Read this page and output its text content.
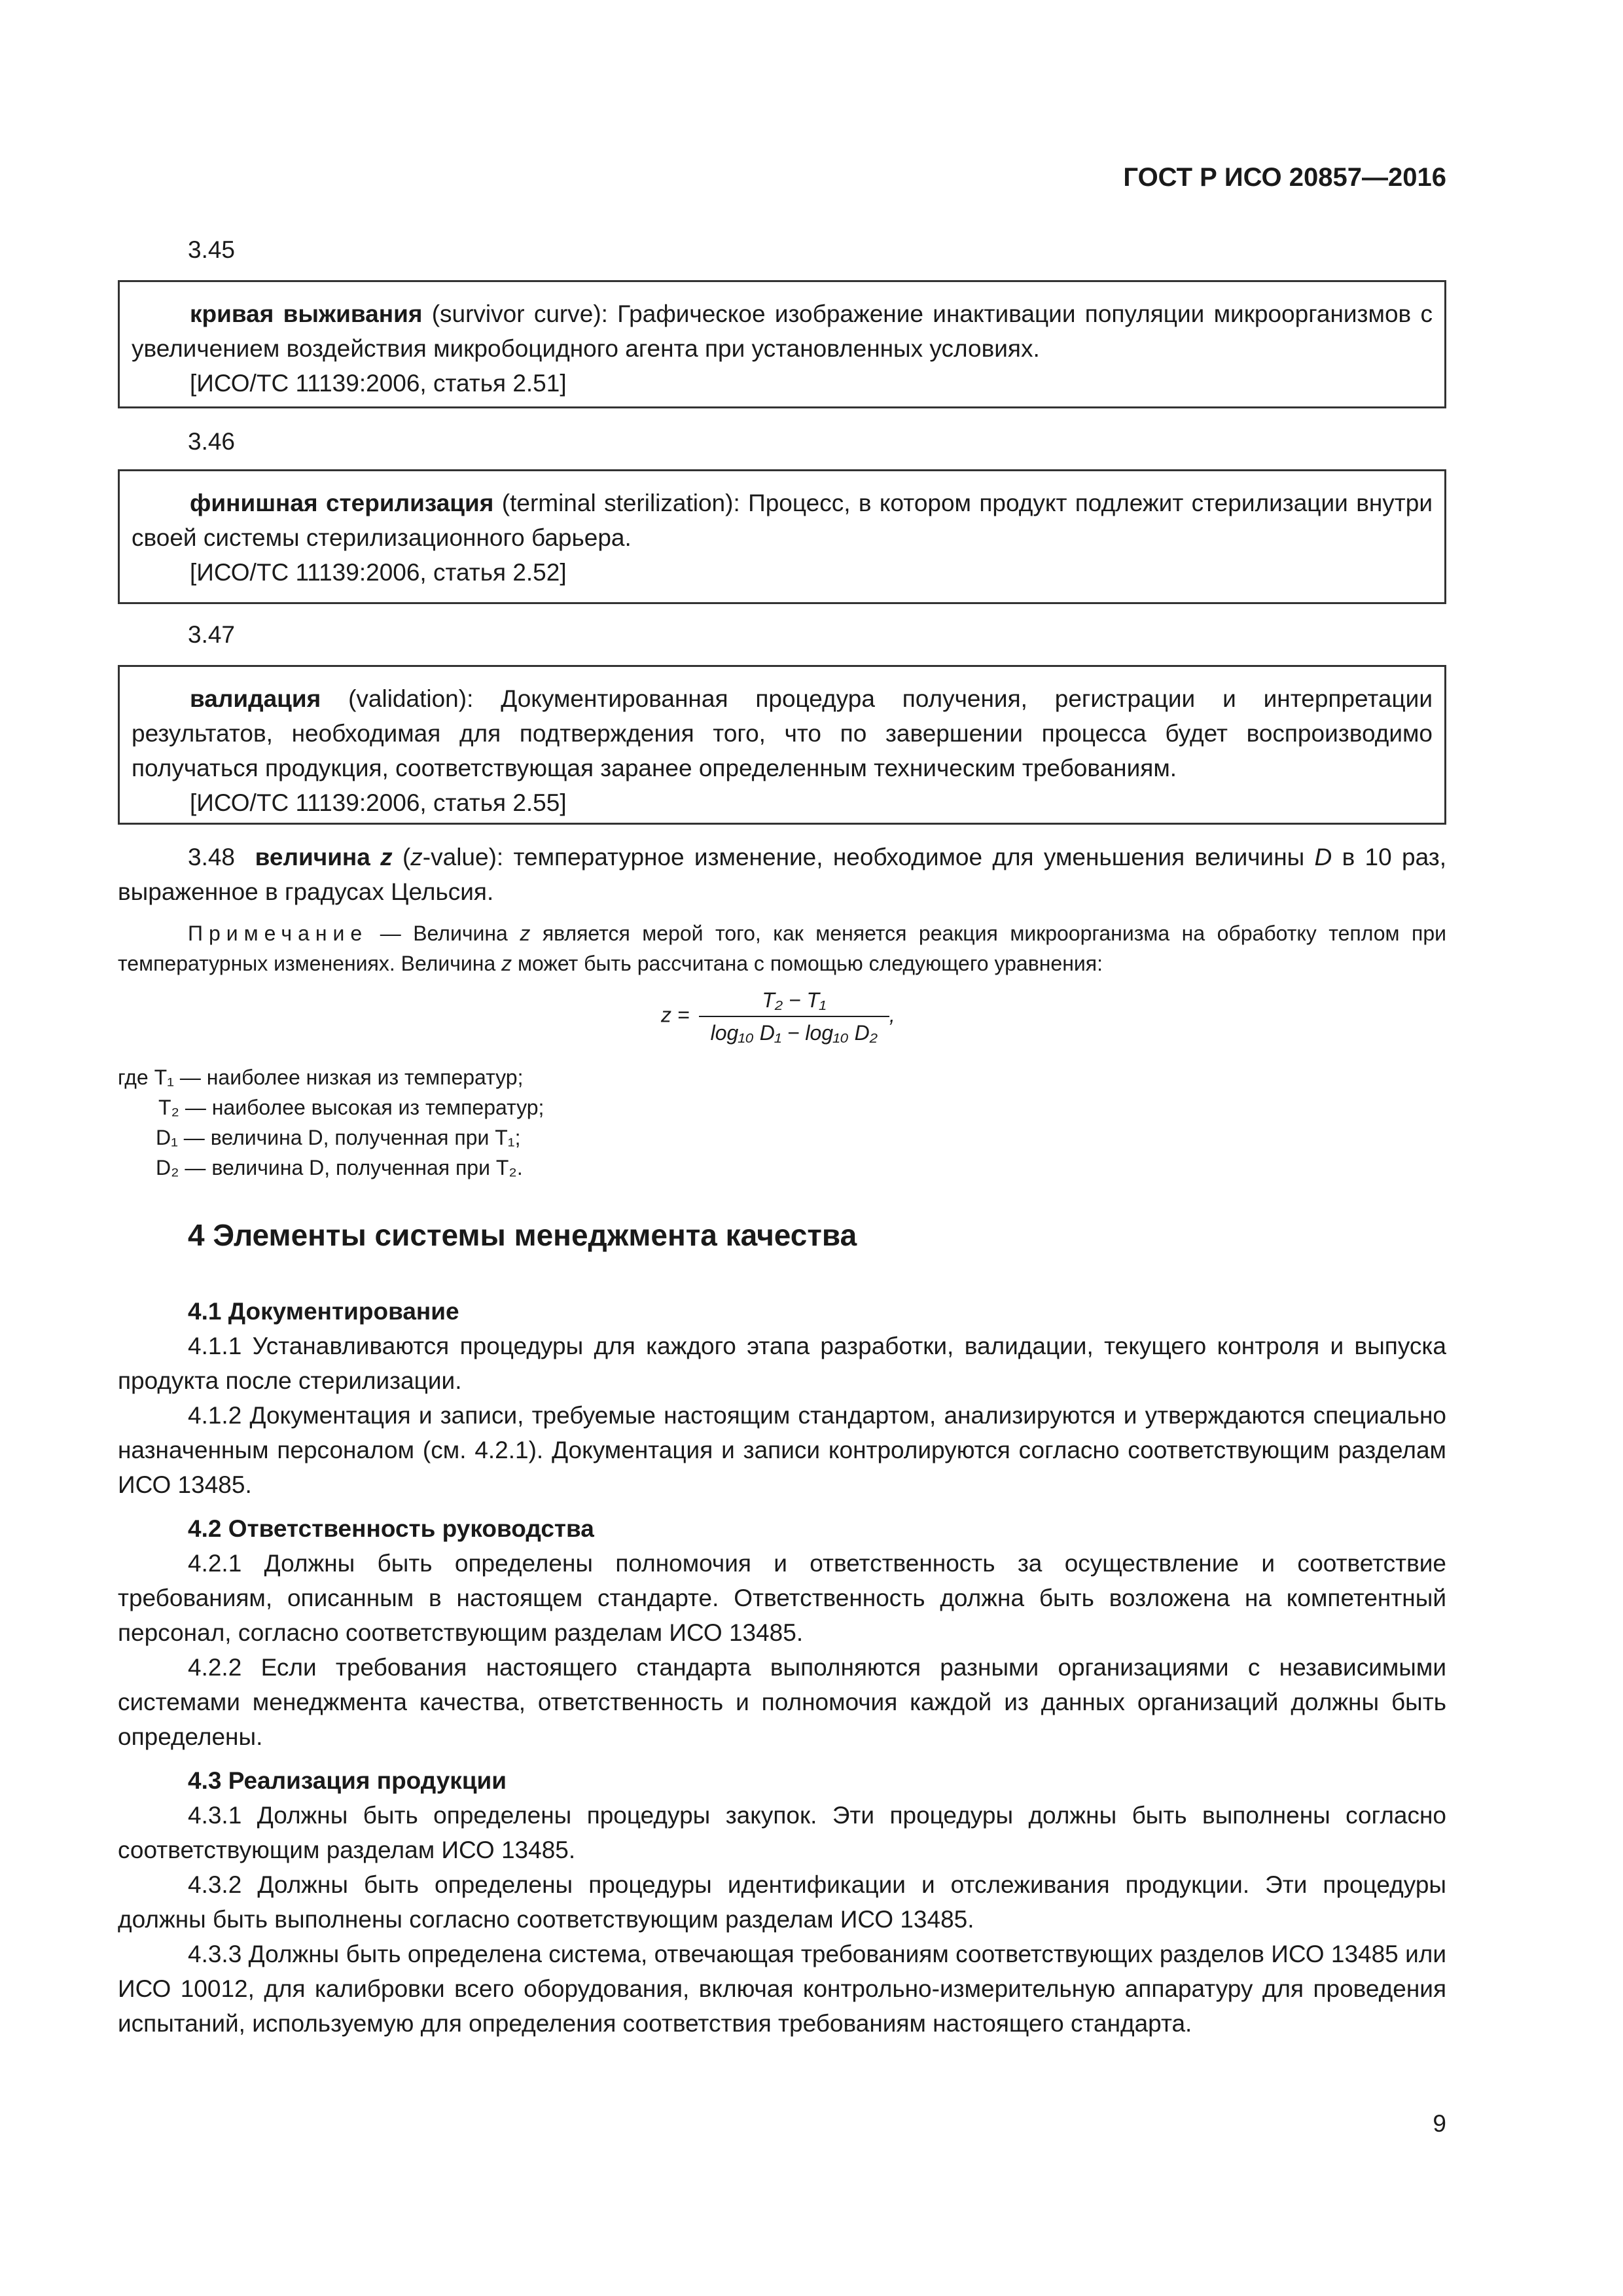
ГОСТ Р ИСО 20857—2016
3.45

кривая выживания (survivor curve): Графическое изображение инактивации популяции микроорганизмов с увеличением воздействия микробоцидного агента при установленных условиях.

[ИСО/ТС 11139:2006, статья 2.51]

3.46

финишная стерилизация (terminal sterilization): Процесс, в котором продукт подлежит стерилизации внутри своей системы стерилизационного барьера.

[ИСО/ТС 11139:2006, статья 2.52]

3.47

валидация (validation): Документированная процедура получения, регистрации и интерпретации результатов, необходимая для подтверждения того, что по завершении процесса будет воспроизводимо получаться продукция, соответствующая заранее определенным техническим требованиям.

[ИСО/ТС 11139:2006, статья 2.55]

3.48 величина z (z-value): температурное изменение, необходимое для уменьшения величины D в 10 раз, выраженное в градусах Цельсия.

Примечание — Величина z является мерой того, как меняется реакция микроорганизма на обработку теплом при температурных изменениях. Величина z может быть рассчитана с помощью следующего уравнения:

$z = \frac{\text{T₂ − T₁}}{\text{log₁₀ D₁ − log₁₀ D₂}}$ ,
где T₁ — наиболее низкая из температур;
T₂ — наиболее высокая из температур;
D₁ — величина D, полученная при T₁;
D₂ — величина D, полученная при T₂.
4 Элементы системы менеджмента качества

4.1 Документирование

4.1.1 Устанавливаются процедуры для каждого этапа разработки, валидации, текущего контроля и выпуска продукта после стерилизации.

4.1.2 Документация и записи, требуемые настоящим стандартом, анализируются и утверждаются специально назначенным персоналом (см. 4.2.1). Документация и записи контролируются согласно соответствующим разделам ИСО 13485.

4.2 Ответственность руководства

4.2.1 Должны быть определены полномочия и ответственность за осуществление и соответствие требованиям, описанным в настоящем стандарте. Ответственность должна быть возложена на компетентный персонал, согласно соответствующим разделам ИСО 13485.

4.2.2 Если требования настоящего стандарта выполняются разными организациями с независимыми системами менеджмента качества, ответственность и полномочия каждой из данных организаций должны быть определены.

4.3 Реализация продукции

4.3.1 Должны быть определены процедуры закупок. Эти процедуры должны быть выполнены согласно соответствующим разделам ИСО 13485.

4.3.2 Должны быть определены процедуры идентификации и отслеживания продукции. Эти процедуры должны быть выполнены согласно соответствующим разделам ИСО 13485.

4.3.3 Должны быть определена система, отвечающая требованиям соответствующих разделов ИСО 13485 или ИСО 10012, для калибровки всего оборудования, включая контрольно-измерительную аппаратуру для проведения испытаний, используемую для определения соответствия требованиям настоящего стандарта.

9
